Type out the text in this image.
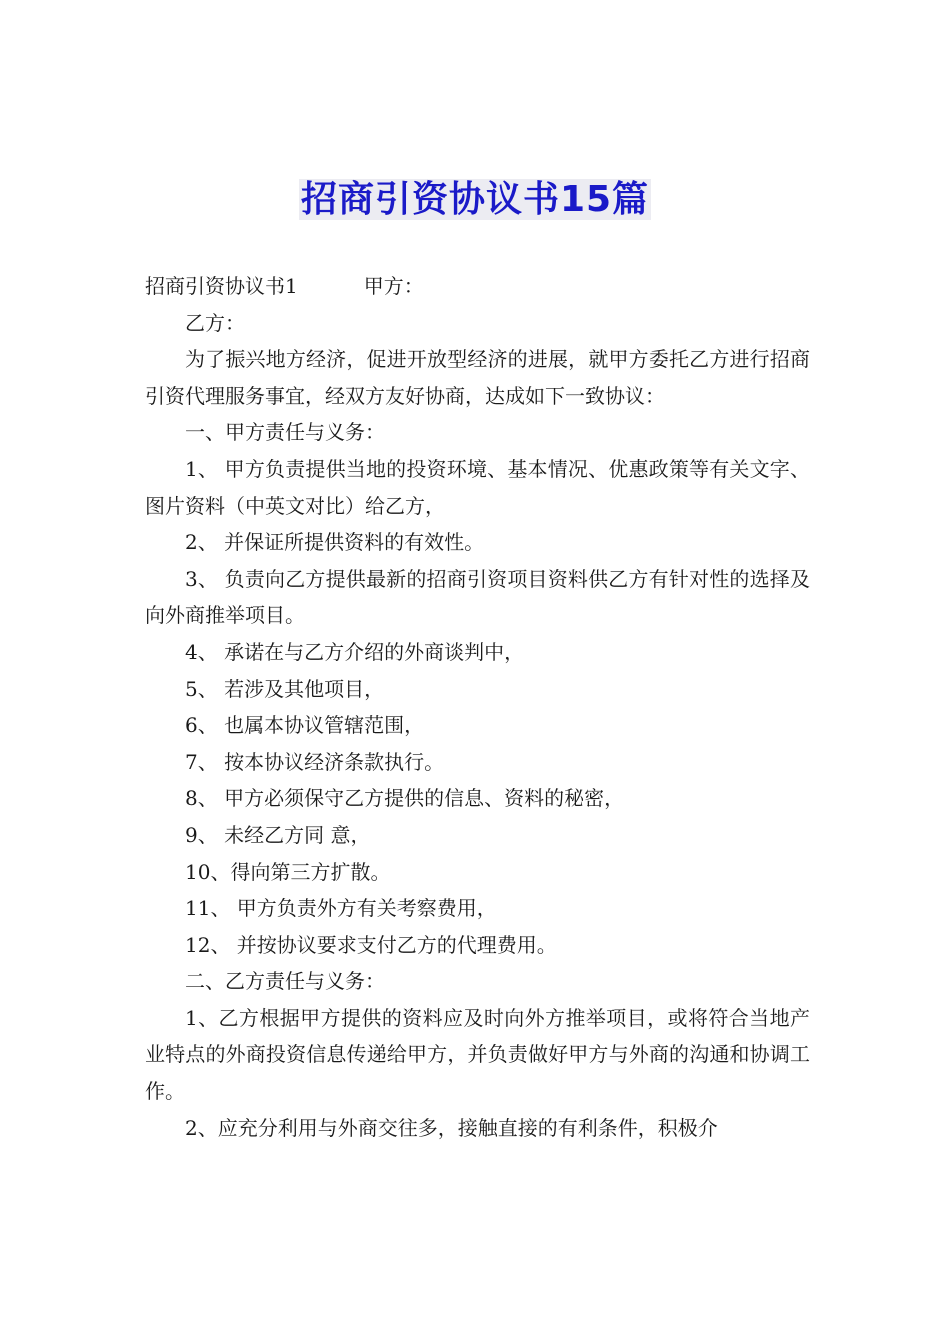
招商引资协议书15篇

招商引资协议书1	甲方：

乙方：

为了振兴地方经济，促进开放型经济的进展，就甲方委托乙方进行招商引资代理服务事宜，经双方友好协商，达成如下一致协议：

一、甲方责任与义务：

1、 甲方负责提供当地的投资环境、基本情况、优惠政策等有关文字、图片资料（中英文对比）给乙方，

2、 并保证所提供资料的有效性。

3、 负责向乙方提供最新的招商引资项目资料供乙方有针对性的选择及向外商推举项目。

4、 承诺在与乙方介绍的外商谈判中，

5、 若涉及其他项目，

6、 也属本协议管辖范围，

7、 按本协议经济条款执行。

8、 甲方必须保守乙方提供的信息、资料的秘密，

9、 未经乙方同 意，

10、得向第三方扩散。

11、 甲方负责外方有关考察费用，

12、 并按协议要求支付乙方的代理费用。

二、乙方责任与义务：

1、乙方根据甲方提供的资料应及时向外方推举项目，或将符合当地产业特点的外商投资信息传递给甲方，并负责做好甲方与外商的沟通和协调工作。

2、应充分利用与外商交往多，接触直接的有利条件，积极介
